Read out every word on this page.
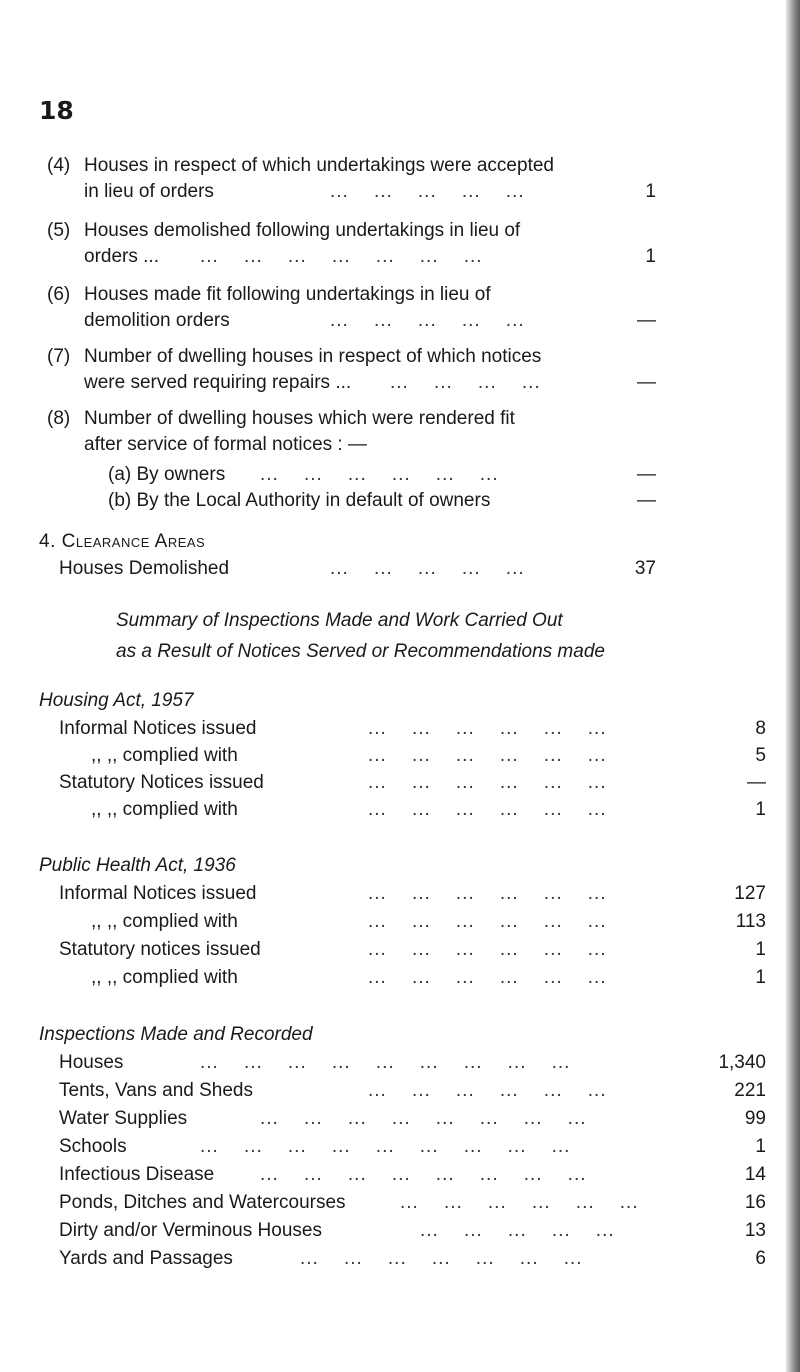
18
(4) Houses in respect of which undertakings were accepted
in lieu of orders	...    ...    ...    ...    ...	1
(5) Houses demolished following undertakings in lieu of
orders ... ...    ...    ...    ...    ...    ...    ...	1
(6) Houses made fit following undertakings in lieu of
demolition orders	...    ...    ...    ...    ...	—
(7) Number of dwelling houses in respect of which notices
were served requiring repairs ... ...    ...    ...    ...	—
(8) Number of dwelling houses which were rendered fit
after service of formal notices : —
(a) By owners ...    ...    ...    ...    ...    ...	—
(b) By the Local Authority in default of owners	—
4. Clearance Areas
Houses Demolished	...    ...    ...    ...    ...	37
Summary of Inspections Made and Work Carried Out
as a Result of Notices Served or Recommendations made
Housing Act, 1957
Informal Notices issued	...    ...    ...    ...    ...    ...	8
,, ,, complied with	...    ...    ...    ...    ...    ...	5
Statutory Notices issued	...    ...    ...    ...    ...    ...	—
,, ,, complied with	...    ...    ...    ...    ...    ...	1
Public Health Act, 1936
Informal Notices issued	...    ...    ...    ...    ...    ...	127
,, ,, complied with	...    ...    ...    ...    ...    ...	113
Statutory notices issued	...    ...    ...    ...    ...    ...	1
,, ,, complied with	...    ...    ...    ...    ...    ...	1
Inspections Made and Recorded
Houses	...    ...    ...    ...    ...    ...    ...    ...    ...	1,340
Tents, Vans and Sheds	...    ...    ...    ...    ...    ...	221
Water Supplies	...    ...    ...    ...    ...    ...    ...    ...	99
Schools	...    ...    ...    ...    ...    ...    ...    ...    ...	1
Infectious Disease ...    ...    ...    ...    ...    ...    ...    ...	14
Ponds, Ditches and Watercourses	...    ...    ...    ...    ...    ...	16
Dirty and/or Verminous Houses	...    ...    ...    ...    ...	13
Yards and Passages	...    ...    ...    ...    ...    ...    ...	6
